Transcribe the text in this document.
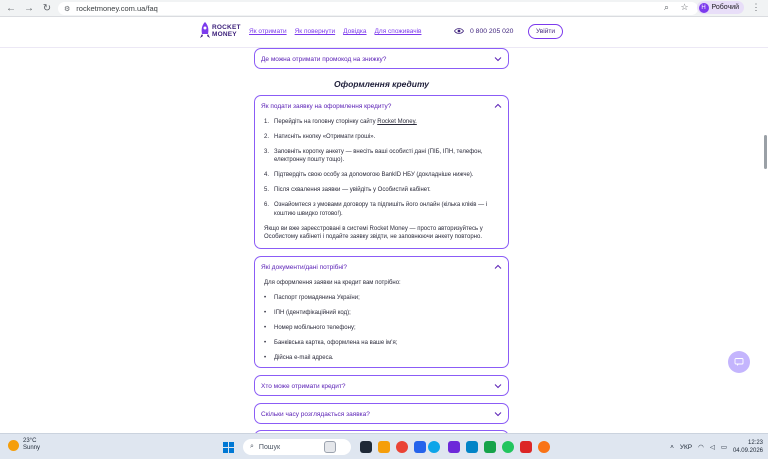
← → ↻	⚙ rocketmoney.com.ua/faq	⌕	☆	Н Робочий ⋮
ROCKET
MONEY	Як отримати Як повернути Довідка Для споживачів	0 800 205 020	Увійти
Де можна отримати промокод на знижку?
Оформлення кредиту
Як подати заявку на оформлення кредиту?
1. Перейдіть на головну сторінку сайту Rocket Money.
2. Натисніть кнопку «Отримати гроші».
3. Заповніть коротку анкету — внесіть ваші особисті дані (ПІБ, ІПН, телефон, електронну пошту тощо).
4. Підтвердіть свою особу за допомогою BankID НБУ (докладніше нижче).
5. Після схвалення заявки — увійдіть у Особистий кабінет.
6. Ознайомтеся з умовами договору та підпишіть його онлайн (кілька кліків — і коштию швидко готово!).
Якщо ви вже зареєстровані в системі Rocket Money — просто авторизуйтесь у Особистому кабінеті і подайте заявку звідти, не заповнюючи анкету повторно.
Які документи/дані потрібні?
Для оформлення заявки на кредит вам потрібно:
•	Паспорт громадянина України;
•	ІПН (ідентифікаційний код);
•	Номер мобільного телефону;
•	Банківська картка, оформлена на ваше ім'я;
•	Дійсна e-mail адреса.
Хто може отримати кредит?
Скільки часу розглядається заявка?
23°C
Sunny	⌕ Пошук	˄ УКР ◠ ◁ ▭
12:23
04.09.2026
